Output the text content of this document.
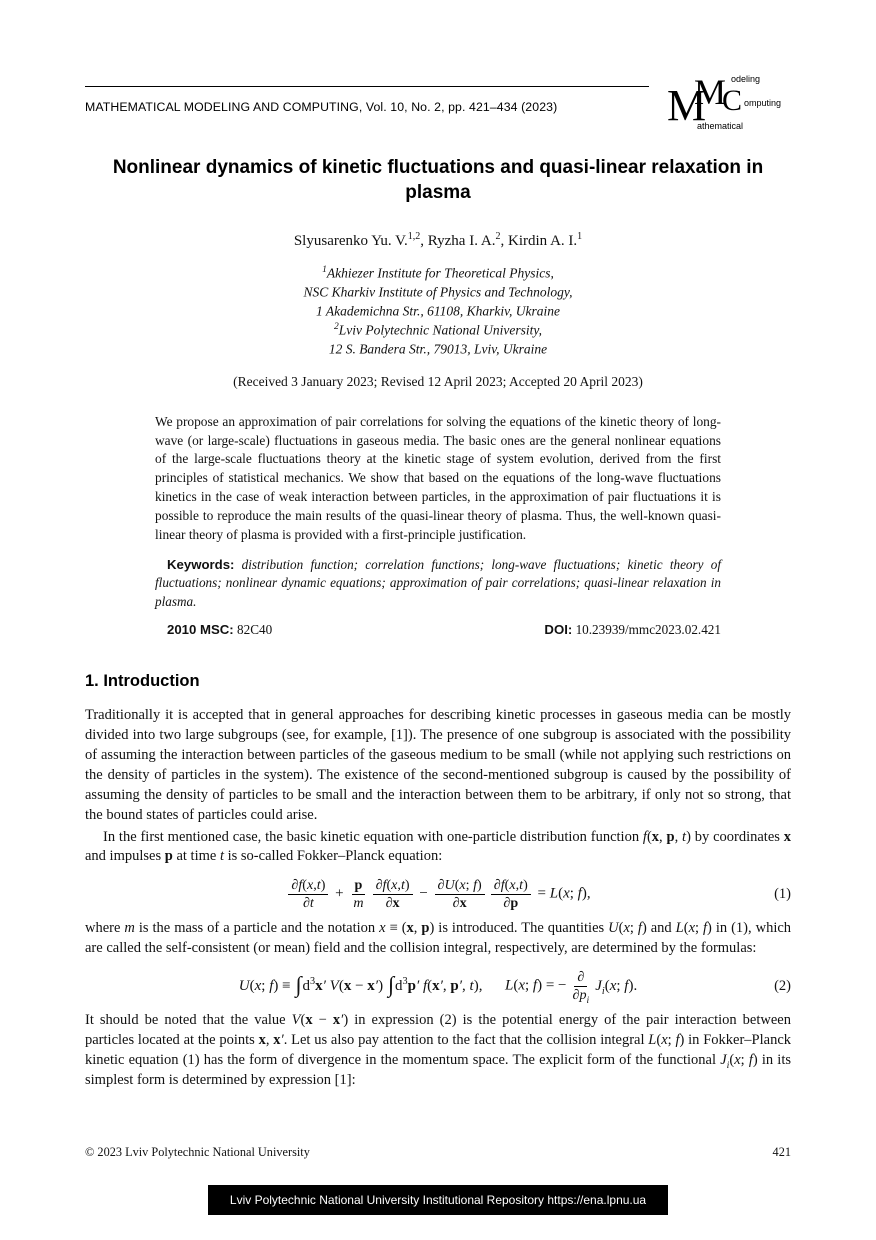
MATHEMATICAL MODELING AND COMPUTING, Vol. 10, No. 2, pp. 421–434 (2023)	M
M C
odeling
omputing
athematical
Nonlinear dynamics of kinetic fluctuations and quasi-linear relaxation in plasma
Slyusarenko Yu. V.$^{1,2}$, Ryzha I. A.$^2$, Kirdin A. I.$^1$
$^1$Akhiezer Institute for Theoretical Physics,
NSC Kharkiv Institute of Physics and Technology,
1 Akademichna Str., 61108, Kharkiv, Ukraine
$^2$Lviv Polytechnic National University,
12 S. Bandera Str., 79013, Lviv, Ukraine
(Received 3 January 2023; Revised 12 April 2023; Accepted 20 April 2023)
We propose an approximation of pair correlations for solving the equations of the kinetic theory of long-wave (or large-scale) fluctuations in gaseous media. The basic ones are the general nonlinear equations of the large-scale fluctuations theory at the kinetic stage of system evolution, derived from the first principles of statistical mechanics. We show that based on the equations of the long-wave fluctuations kinetics in the case of weak interaction between particles, in the approximation of pair fluctuations it is possible to reproduce the main results of the quasi-linear theory of plasma. Thus, the well-known quasi-linear theory of plasma is provided with a first-principle justification.

Keywords: distribution function; correlation functions; long-wave fluctuations; kinetic theory of fluctuations; nonlinear dynamic equations; approximation of pair correlations; quasi-linear relaxation in plasma.

2010 MSC: 82C40	DOI: 10.23939/mmc2023.02.421
1. Introduction

Traditionally it is accepted that in general approaches for describing kinetic processes in gaseous media can be mostly divided into two large subgroups (see, for example, [1]). The presence of one subgroup is associated with the possibility of assuming the interaction between particles of the gaseous medium to be small (while not applying such restrictions on the density of particles in the system). The existence of the second-mentioned subgroup is caused by the possibility of assuming the density of particles to be small and the interaction between them to be arbitrary, if only not so strong, that the bound states of particles could arise.

In the first mentioned case, the basic kinetic equation with one-particle distribution function f(x, p, t) by coordinates x and impulses p at time t is so-called Fokker–Planck equation:

$\frac{\partial f(x,t)}{\partial t} + \frac{p}{m} \frac{\partial f(x,t)}{\partial x} - \frac{\partial U(x; f)}{\partial x} \frac{\partial f(x,t)}{\partial p} = L(x$; f),	(1)

where m is the mass of a particle and the notation x ≡ (x, p) is introduced. The quantities U(x; f) and L(x; f) in (1), which are called the self-consistent (or mean) field and the collision integral, respectively, are determined by the formulas:

U(x; $f) \equiv \int d^3x'$ V(x − x′) $\int d^3p'$ f(x′, p′, t),   L(x; f) = − $\frac{\partial}{\partial p_i} J_i(x$; f).	(2)

It should be noted that the value V(x − x′) in expression (2) is the potential energy of the pair interaction between particles located at the points x, x′. Let us also pay attention to the fact that the collision integral L(x; f) in Fokker–Planck kinetic equation (1) has the form of divergence in the momentum space. The explicit form of the functional $J_i(x$; f) in its simplest form is determined by expression [1]:

© 2023 Lviv Polytechnic National University	421
Lviv Polytechnic National University Institutional Repository https://ena.lpnu.ua
